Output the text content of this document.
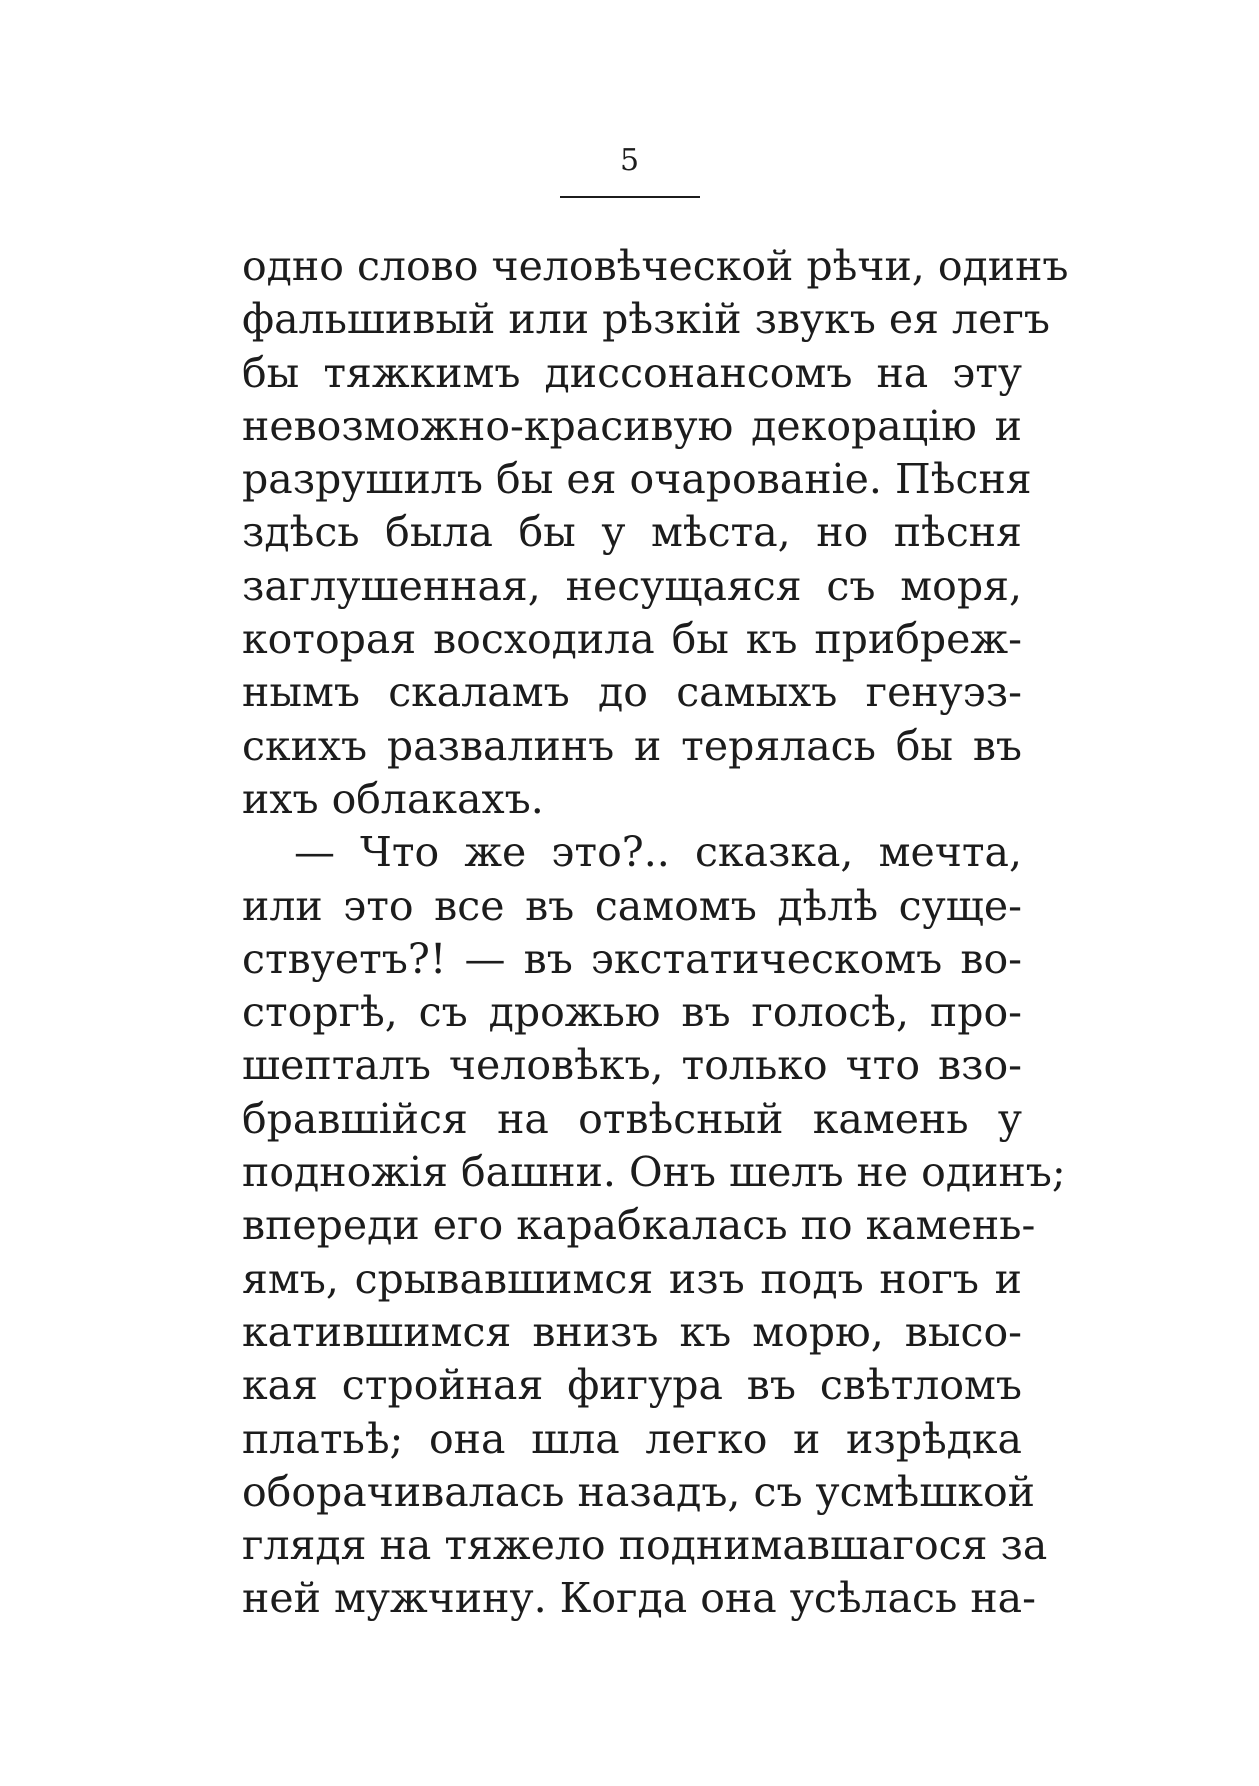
5
одно слово человѣческой рѣчи, одинъ
фальшивый или рѣзкій звукъ ея легъ
бы тяжкимъ диссонансомъ на эту
невозможно-красивую декорацію и
разрушилъ бы ея очарованіе. Пѣсня
здѣсь была бы у мѣста, но пѣсня
заглушенная, несущаяся съ моря,
которая восходила бы къ прибреж-
нымъ скаламъ до самыхъ генуэз-
скихъ развалинъ и терялась бы въ
ихъ облакахъ.
— Что же это?.. сказка, мечта,
или это все въ самомъ дѣлѣ суще-
ствуетъ?! — въ экстатическомъ во-
сторгѣ, съ дрожью въ голосѣ, про-
шепталъ человѣкъ, только что взо-
бравшійся на отвѣсный камень у
подножія башни. Онъ шелъ не одинъ;
впереди его карабкалась по камень-
ямъ, срывавшимся изъ подъ ногъ и
катившимся внизъ къ морю, высо-
кая стройная фигура въ свѣтломъ
платьѣ; она шла легко и изрѣдка
оборачивалась назадъ, съ усмѣшкой
глядя на тяжело поднимавшагося за
ней мужчину. Когда она усѣлась на-
